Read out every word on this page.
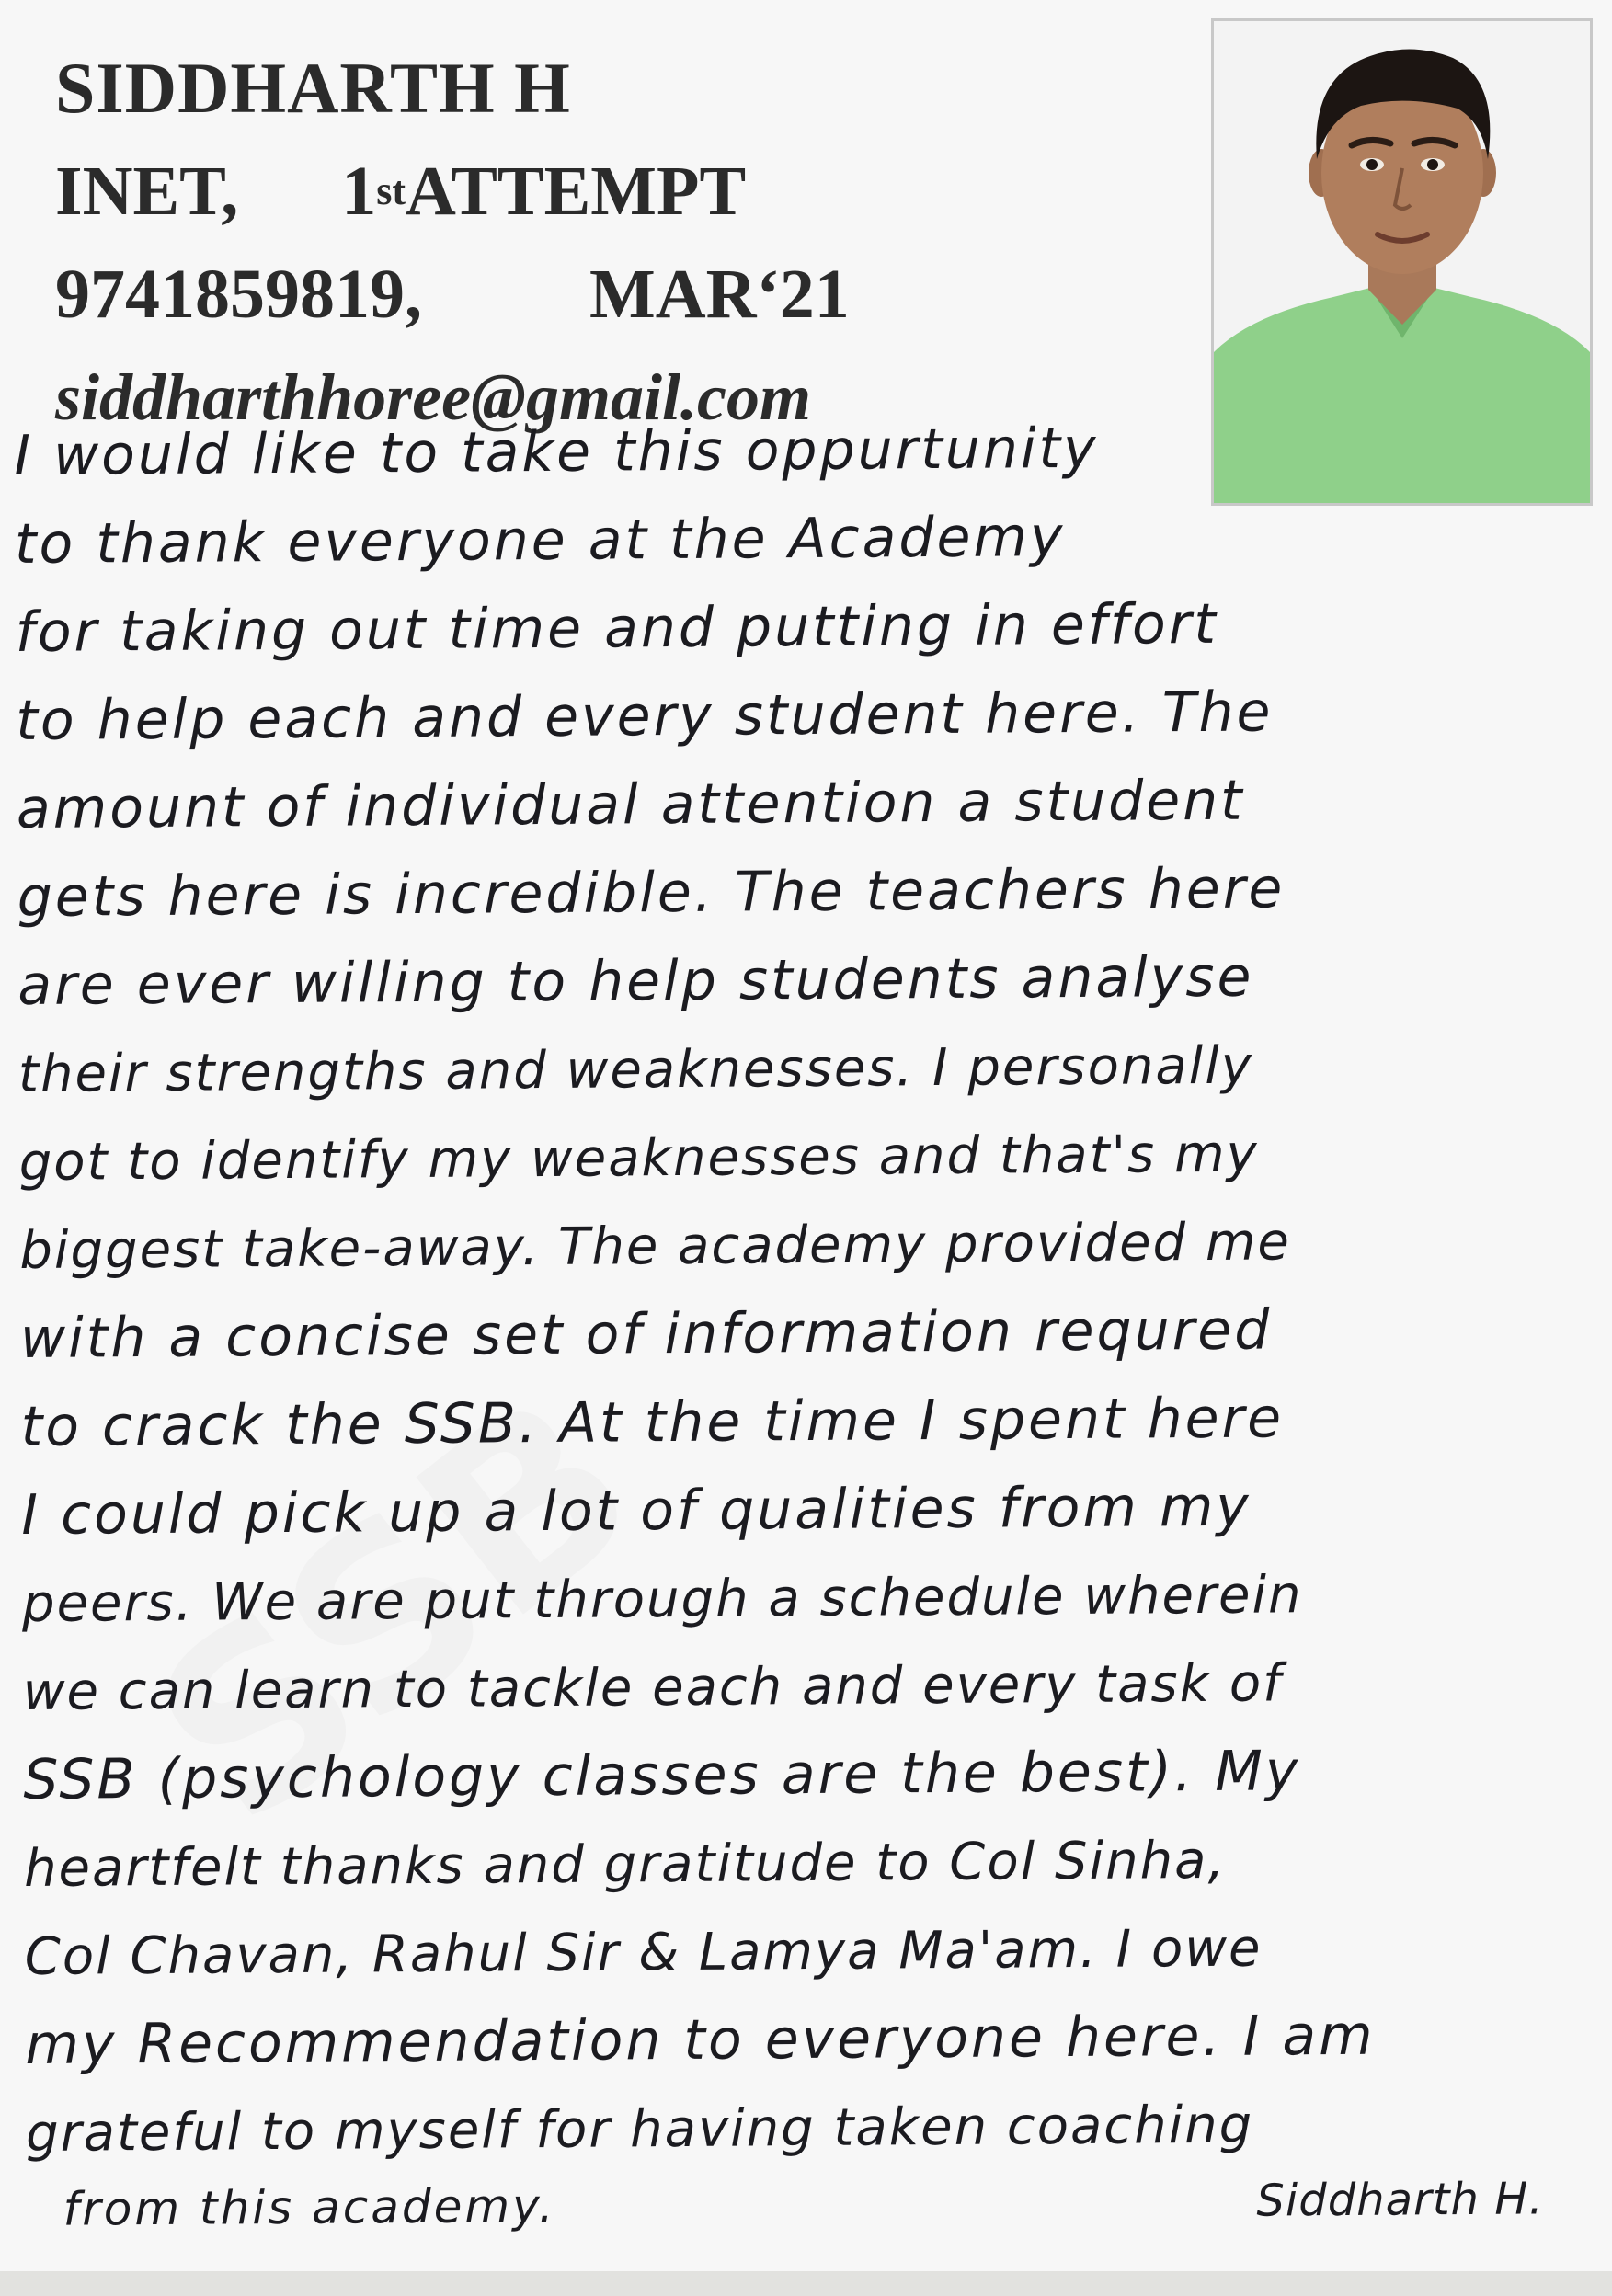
SIDDHARTH H
INET, 1 st ATTEMPT
9741859819, MAR‘21
siddharthhoree@gmail.com
I would like to take this oppurtunity
to thank everyone at the Academy
for taking out time and putting in effort
to help each and every student here. The
amount of individual attention a student
gets here is incredible. The teachers here
are ever willing to help students analyse
their strengths and weaknesses. I personally
got to identify my weaknesses and that's my
biggest take-away. The academy provided me
with a concise set of information requred
to crack the SSB. At the time I spent here
I could pick up a lot of qualities from my
peers. We are put through a schedule wherein
we can learn to tackle each and every task of
SSB (psychology classes are the best). My
heartfelt thanks and gratitude to Col Sinha,
Col Chavan, Rahul Sir & Lamya Ma'am. I owe
my Recommendation to everyone here. I am
grateful to myself for having taken coaching
from this academy.	Siddharth H.
